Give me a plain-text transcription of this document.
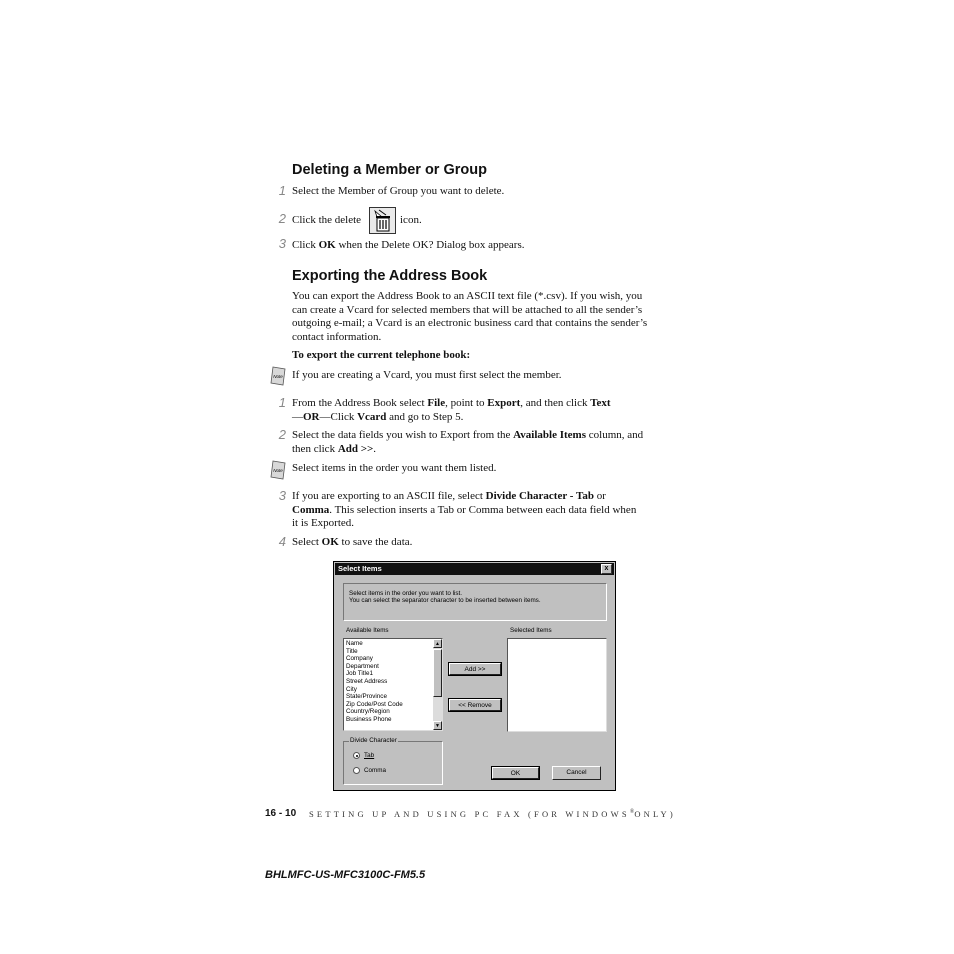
Deleting a Member or Group
1 Select the Member of Group you want to delete.
2 Click the delete	icon.
3 Click OK when the Delete OK? Dialog box appears.
Exporting the Address Book
You can export the Address Book to an ASCII text file (*.csv). If you wish, you
can create a Vcard for selected members that will be attached to all the sender’s
outgoing e-mail; a Vcard is an electronic business card that contains the sender’s
contact information.
To export the current telephone book:
Note If you are creating a Vcard, you must first select the member.
1 From the Address Book select File, point to Export, and then click Text
—OR—Click Vcard and go to Step 5.
2 Select the data fields you wish to Export from the Available Items column, and
then click Add >>.
Note Select items in the order you want them listed.
3 If you are exporting to an ASCII file, select Divide Character - Tab or
Comma. This selection inserts a Tab or Comma between each data field when
it is Exported.
4 Select OK to save the data.
Select Items	x
Select items in the order you want to list.
You can select the separator character to be inserted between items.
Available Items	Selected Items
Name
Title
Company
Department
Job Title1
Street Address
City
State/Province
Zip Code/Post Code
Country/Region
Business Phone
▲
▼
Add >>
<< Remove
Divide Character
Tab
Comma	OK	Cancel
16 - 10 SETTING UP AND USING PC FAX (FOR WINDOWS®ONLY)
BHLMFC-US-MFC3100C-FM5.5
